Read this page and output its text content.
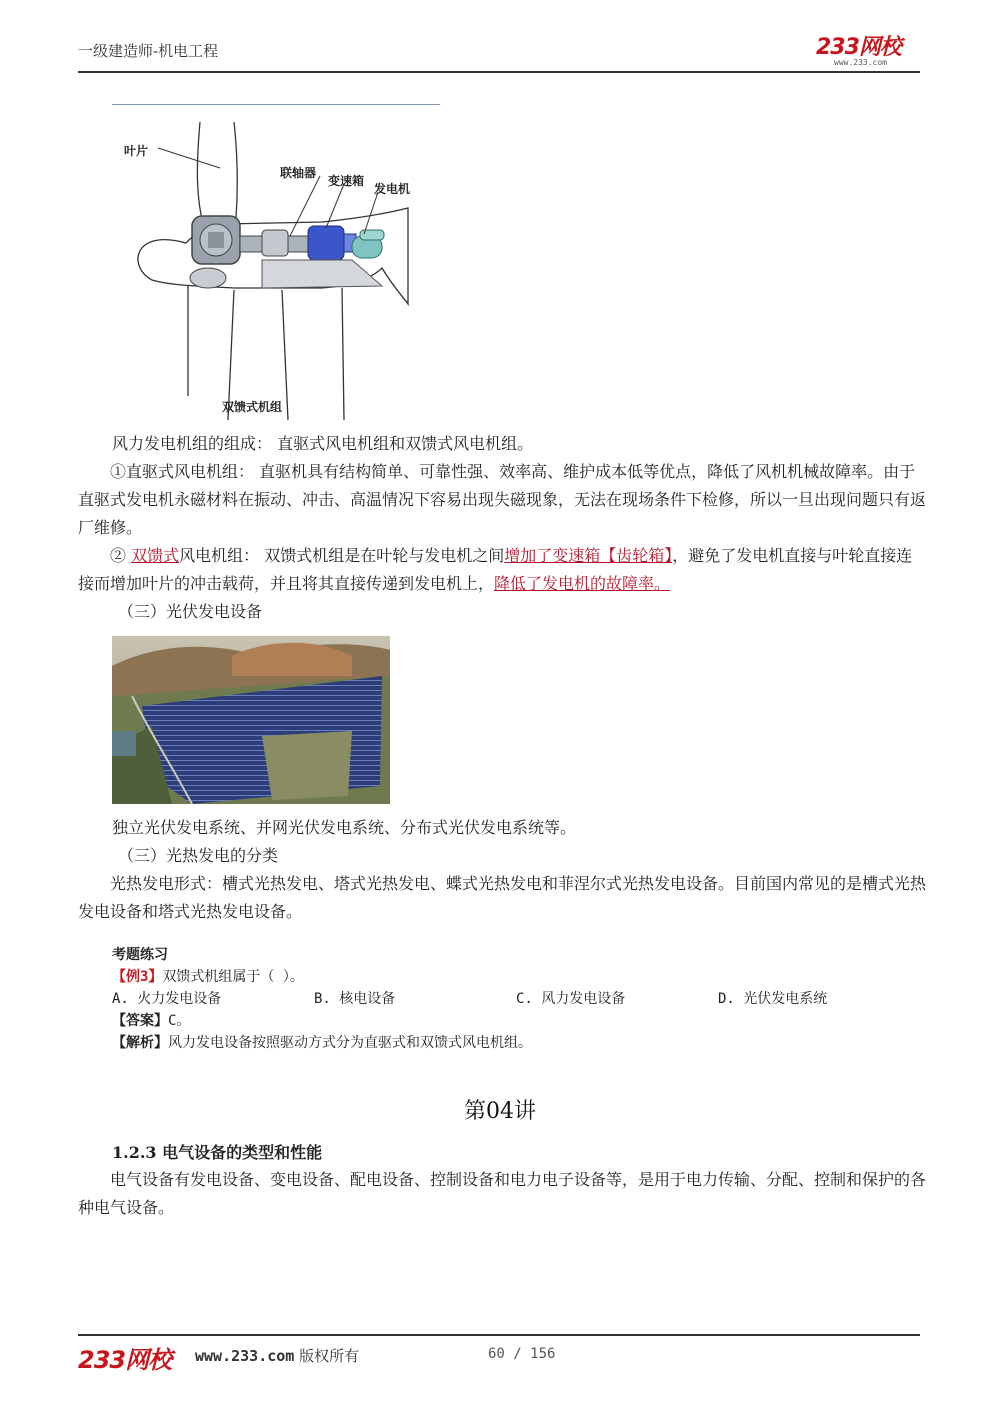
一级建造师-机电工程	233网校
www.233.com
叶片
联轴器
变速箱
发电机
双馈式机组
风力发电机组的组成： 直驱式风电机组和双馈式风电机组。
①直驱式风电机组： 直驱机具有结构简单、可靠性强、效率高、维护成本低等优点，降低了风机机械故障率。由于直驱式发电机永磁材料在振动、冲击、高温情况下容易出现失磁现象，无法在现场条件下检修，所以一旦出现问题只有返厂维修。
② 双馈式风电机组： 双馈式机组是在叶轮与发电机之间增加了变速箱【齿轮箱】，避免了发电机直接与叶轮直接连接而增加叶片的冲击载荷，并且将其直接传递到发电机上，降低了发电机的故障率。
（三）光伏发电设备
独立光伏发电系统、并网光伏发电系统、分布式光伏发电系统等。
（三）光热发电的分类
光热发电形式：槽式光热发电、塔式光热发电、蝶式光热发电和菲涅尔式光热发电设备。目前国内常见的是槽式光热发电设备和塔式光热发电设备。
考题练习
【例3】双馈式机组属于（ ）。
A. 火力发电设备	B. 核电设备	C. 风力发电设备	D. 光伏发电系统
【答案】C。
【解析】风力发电设备按照驱动方式分为直驱式和双馈式风电机组。
第04讲
1.2.3 电气设备的类型和性能
电气设备有发电设备、变电设备、配电设备、控制设备和电力电子设备等，是用于电力传输、分配、控制和保护的各种电气设备。
233网校 www.233.com 版权所有	60 / 156
